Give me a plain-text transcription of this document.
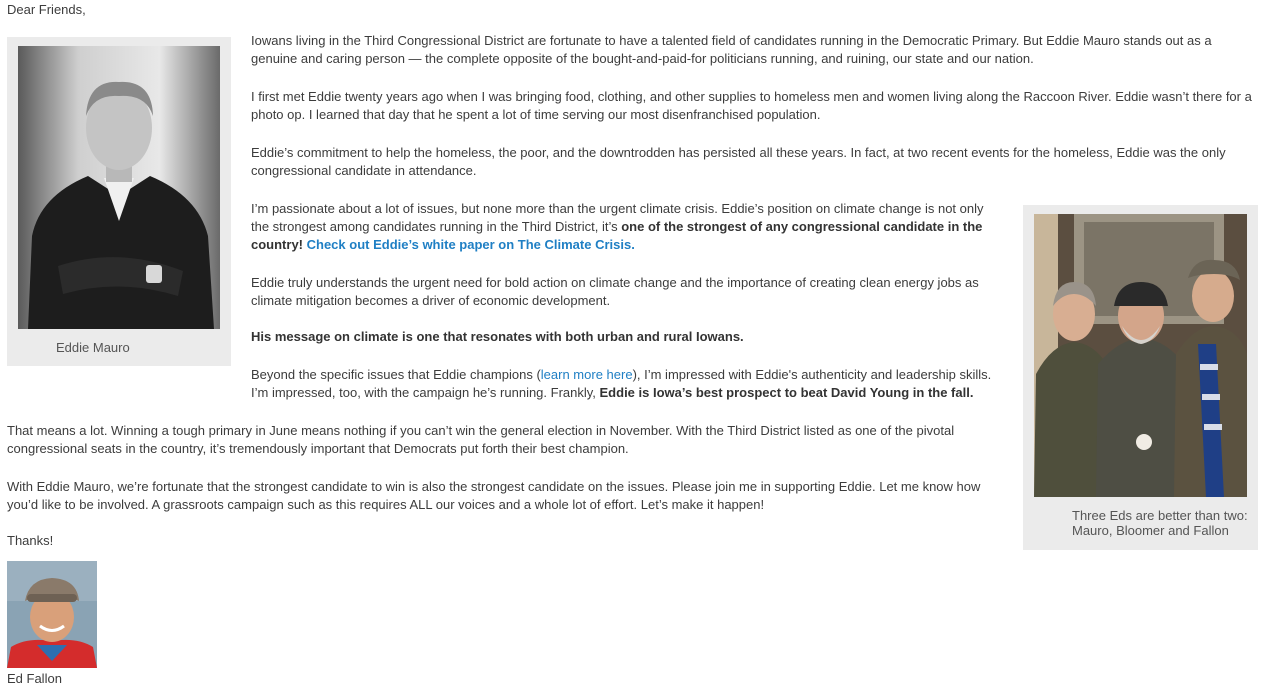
Dear Friends,

Eddie Mauro

Iowans living in the Third Congressional District are fortunate to have a talented field of candidates running in the Democratic Primary. But Eddie Mauro stands out as a genuine and caring person — the complete opposite of the bought-and-paid-for politicians running, and ruining, our state and our nation.

I first met Eddie twenty years ago when I was bringing food, clothing, and other supplies to homeless men and women living along the Raccoon River. Eddie wasn’t there for a photo op. I learned that day that he spent a lot of time serving our most disenfranchised population.

Eddie’s commitment to help the homeless, the poor, and the downtrodden has persisted all these years. In fact, at two recent events for the homeless, Eddie was the only congressional candidate in attendance.

I’m passionate about a lot of issues, but none more than the urgent climate crisis. Eddie’s position on climate change is not only the strongest among candidates running in the Third District, it’s one of the strongest of any congressional candidate in the country! Check out Eddie’s white paper on The Climate Crisis.

Eddie truly understands the urgent need for bold action on climate change and the importance of creating clean energy jobs as climate mitigation becomes a driver of economic development.

His message on climate is one that resonates with both urban and rural Iowans.

Beyond the specific issues that Eddie champions (learn more here), I’m impressed with Eddie's authenticity and leadership skills. I’m impressed, too, with the campaign he’s running. Frankly, Eddie is Iowa’s best prospect to beat David Young in the fall.

That means a lot. Winning a tough primary in June means nothing if you can’t win the general election in November. With the Third District listed as one of the pivotal congressional seats in the country, it’s tremendously important that Democrats put forth their best champion.

With Eddie Mauro, we’re fortunate that the strongest candidate to win is also the strongest candidate on the issues. Please join me in supporting Eddie. Let me know how you’d like to be involved. A grassroots campaign such as this requires ALL our voices and a whole lot of effort. Let’s make it happen!

Thanks!

Ed Fallon

Three Eds are better than two: Mauro, Bloomer and Fallon
